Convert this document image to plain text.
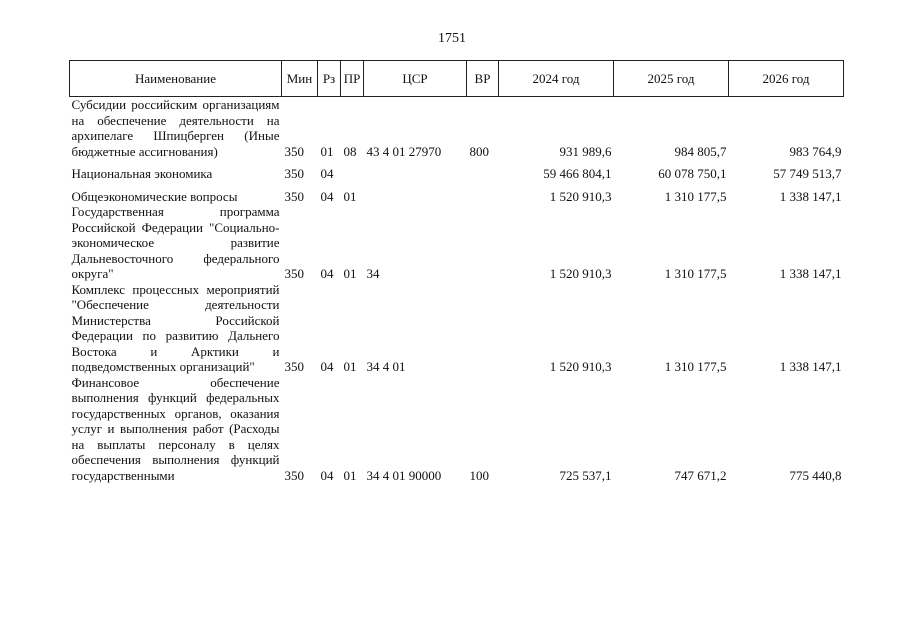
1751
Наименование	Мин	Рз	ПР	ЦСР	ВР	2024 год	2025 год	2026 год
Субсидии российским организациям на обеспечение деятельности на архипелаге Шпицберген (Иные бюджетные ассигнования)	350	01	08	43 4 01 27970	800	931 989,6	984 805,7	983 764,9
Национальная экономика	350	04				59 466 804,1	60 078 750,1	57 749 513,7
Общеэкономические вопросы	350	04	01			1 520 910,3	1 310 177,5	1 338 147,1
Государственная программа Российской Федерации "Социально-экономическое развитие Дальневосточного федерального округа"	350	04	01	34		1 520 910,3	1 310 177,5	1 338 147,1
Комплекс процессных мероприятий "Обеспечение деятельности Министерства Российской Федерации по развитию Дальнего Востока и Арктики и подведомственных организаций"	350	04	01	34 4 01		1 520 910,3	1 310 177,5	1 338 147,1
Финансовое обеспечение выполнения функций федеральных государственных органов, оказания услуг и выполнения работ (Расходы на выплаты персоналу в целях обеспечения выполнения функций государственными	350	04	01	34 4 01 90000	100	725 537,1	747 671,2	775 440,8
